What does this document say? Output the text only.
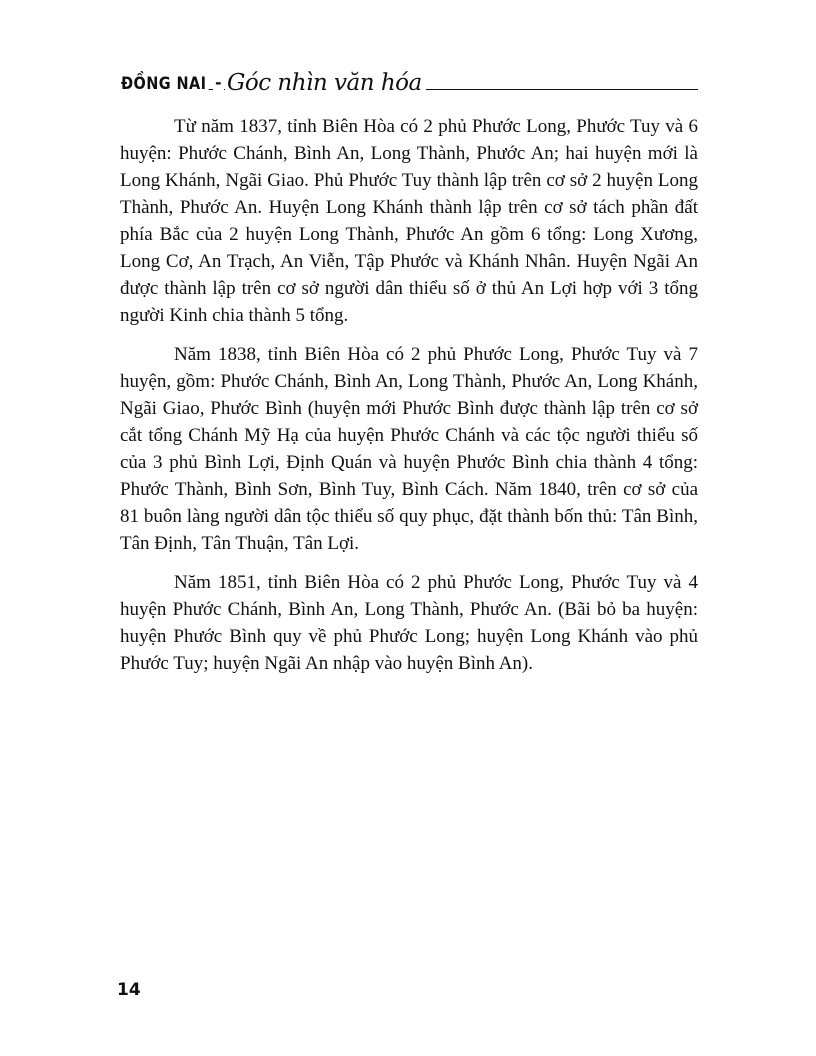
ĐỒNG NAI - Góc nhìn văn hóa

Từ năm 1837, tỉnh Biên Hòa có 2 phủ Phước Long, Phước Tuy và 6 huyện: Phước Chánh, Bình An, Long Thành, Phước An; hai huyện mới là Long Khánh, Ngãi Giao. Phủ Phước Tuy thành lập trên cơ sở 2 huyện Long Thành, Phước An. Huyện Long Khánh thành lập trên cơ sở tách phần đất phía Bắc của 2 huyện Long Thành, Phước An gồm 6 tổng: Long Xương, Long Cơ, An Trạch, An Viễn, Tập Phước và Khánh Nhân. Huyện Ngãi An được thành lập trên cơ sở người dân thiểu số ở thủ An Lợi hợp với 3 tổng người Kinh chia thành 5 tổng.

Năm 1838, tỉnh Biên Hòa có 2 phủ Phước Long, Phước Tuy và 7 huyện, gồm: Phước Chánh, Bình An, Long Thành, Phước An, Long Khánh, Ngãi Giao, Phước Bình (huyện mới Phước Bình được thành lập trên cơ sở cắt tổng Chánh Mỹ Hạ của huyện Phước Chánh và các tộc người thiểu số của 3 phủ Bình Lợi, Định Quán và huyện Phước Bình chia thành 4 tổng: Phước Thành, Bình Sơn, Bình Tuy, Bình Cách. Năm 1840, trên cơ sở của 81 buôn làng người dân tộc thiểu số quy phục, đặt thành bốn thủ: Tân Bình, Tân Định, Tân Thuận, Tân Lợi.

Năm 1851, tỉnh Biên Hòa có 2 phủ Phước Long, Phước Tuy và 4 huyện Phước Chánh, Bình An, Long Thành, Phước An. (Bãi bỏ ba huyện: huyện Phước Bình quy về phủ Phước Long; huyện Long Khánh vào phủ Phước Tuy; huyện Ngãi An nhập vào huyện Bình An).

14
